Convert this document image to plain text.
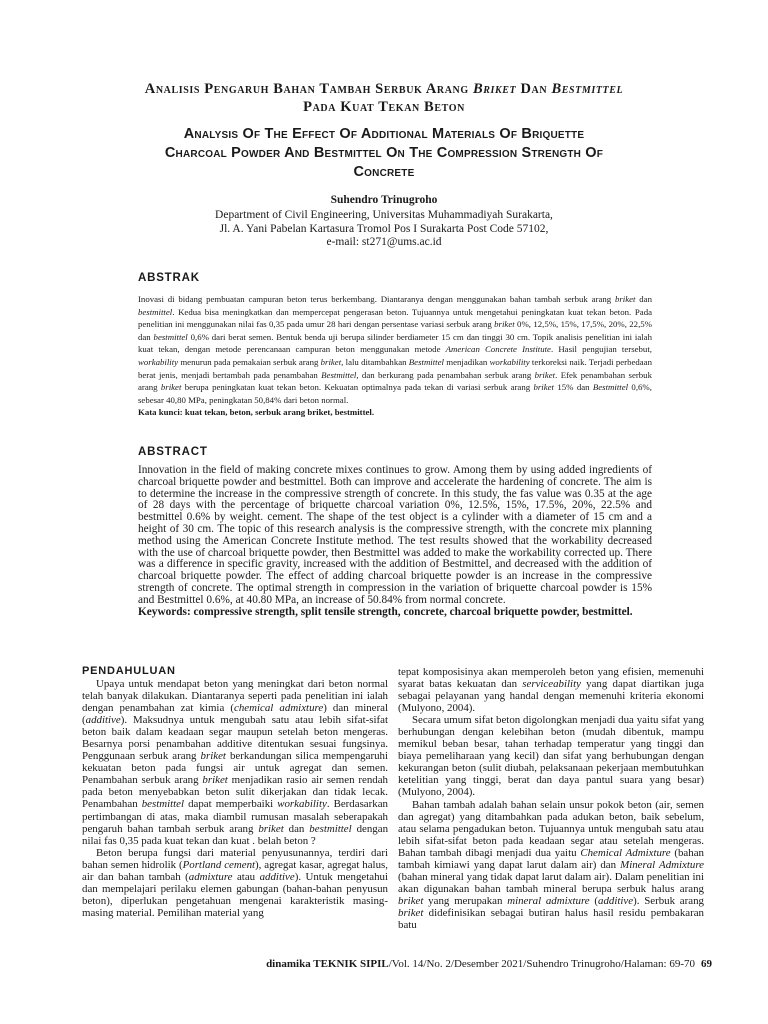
Analisis Pengaruh Bahan Tambah Serbuk Arang Briket Dan Bestmittel
Pada Kuat Tekan Beton
Analysis Of The Effect Of Additional Materials Of Briquette
Charcoal Powder And Bestmittel On The Compression Strength Of
Concrete
Suhendro Trinugroho
Department of Civil Engineering, Universitas Muhammadiyah Surakarta,
Jl. A. Yani Pabelan Kartasura Tromol Pos I Surakarta Post Code 57102,
e-mail: st271@ums.ac.id
ABSTRAK
Inovasi di bidang pembuatan campuran beton terus berkembang. Diantaranya dengan menggunakan bahan tambah serbuk arang briket dan bestmittel. Kedua bisa meningkatkan dan mempercepat pengerasan beton. Tujuannya untuk mengetahui peningkatan kuat tekan beton. Pada penelitian ini menggunakan nilai fas 0,35 pada umur 28 hari dengan persentase variasi serbuk arang briket 0%, 12,5%, 15%, 17,5%, 20%, 22,5% dan bestmittel 0,6% dari berat semen. Bentuk benda uji berupa silinder berdiameter 15 cm dan tinggi 30 cm. Topik analisis penelitian ini ialah kuat tekan, dengan metode perencanaan campuran beton menggunakan metode American Concrete Institute. Hasil pengujian tersebut, workability menurun pada pemakaian serbuk arang briket, lalu ditambahkan Bestmittel menjadikan workability terkoreksi naik. Terjadi perbedaan berat jenis, menjadi bertambah pada penambahan Bestmittel, dan berkurang pada penambahan serbuk arang briket. Efek penambahan serbuk arang briket berupa peningkatan kuat tekan beton. Kekuatan optimalnya pada tekan di variasi serbuk arang briket 15% dan Bestmittel 0,6%, sebesar 40,80 MPa, peningkatan 50,84% dari beton normal.
Kata kunci: kuat tekan, beton, serbuk arang briket, bestmittel.
ABSTRACT
Innovation in the field of making concrete mixes continues to grow. Among them by using added ingredients of charcoal briquette powder and bestmittel. Both can improve and accelerate the hardening of concrete. The aim is to determine the increase in the compressive strength of concrete. In this study, the fas value was 0.35 at the age of 28 days with the percentage of briquette charcoal variation 0%, 12.5%, 15%, 17.5%, 20%, 22.5% and bestmittel 0.6% by weight. cement. The shape of the test object is a cylinder with a diameter of 15 cm and a height of 30 cm. The topic of this research analysis is the compressive strength, with the concrete mix planning method using the American Concrete Institute method. The test results showed that the workability decreased with the use of charcoal briquette powder, then Bestmittel was added to make the workability corrected up. There was a difference in specific gravity, increased with the addition of Bestmittel, and decreased with the addition of charcoal briquette powder. The effect of adding charcoal briquette powder is an increase in the compressive strength of concrete. The optimal strength in compression in the variation of briquette charcoal powder is 15% and Bestmittel 0.6%, at 40.80 MPa, an increase of 50.84% from normal concrete.
Keywords: compressive strength, split tensile strength, concrete, charcoal briquette powder, bestmittel.
PENDAHULUAN

Upaya untuk mendapat beton yang meningkat dari beton normal telah banyak dilakukan. Diantaranya seperti pada penelitian ini ialah dengan penambahan zat kimia (chemical admixture) dan mineral (additive). Maksudnya untuk mengubah satu atau lebih sifat-sifat beton baik dalam keadaan segar maupun setelah beton mengeras. Besarnya porsi penambahan additive ditentukan sesuai fungsinya. Penggunaan serbuk arang briket berkandungan silica mempengaruhi kekuatan beton pada fungsi air untuk agregat dan semen. Penambahan serbuk arang briket menjadikan rasio air semen rendah pada beton menyebabkan beton sulit dikerjakan dan tidak lecak. Penambahan bestmittel dapat memperbaiki workability. Berdasarkan pertimbangan di atas, maka diambil rumusan masalah seberapakah pengaruh bahan tambah serbuk arang briket dan bestmittel dengan nilai fas 0,35 pada kuat tekan dan kuat . belah beton ?

Beton berupa fungsi dari material penyusunannya, terdiri dari bahan semen hidrolik (Portland cement), agregat kasar, agregat halus, air dan bahan tambah (admixture atau additive). Untuk mengetahui dan mempelajari perilaku elemen gabungan (bahan-bahan penyusun beton), diperlukan pengetahuan mengenai karakteristik masing-masing material. Pemilihan material yang

tepat komposisinya akan memperoleh beton yang efisien, memenuhi syarat batas kekuatan dan serviceability yang dapat diartikan juga sebagai pelayanan yang handal dengan memenuhi kriteria ekonomi (Mulyono, 2004).

Secara umum sifat beton digolongkan menjadi dua yaitu sifat yang berhubungan dengan kelebihan beton (mudah dibentuk, mampu memikul beban besar, tahan terhadap temperatur yang tinggi dan biaya pemeliharaan yang kecil) dan sifat yang berhubungan dengan kekurangan beton (sulit diubah, pelaksanaan pekerjaan membutuhkan ketelitian yang tinggi, berat dan daya pantul suara yang besar) (Mulyono, 2004).

Bahan tambah adalah bahan selain unsur pokok beton (air, semen dan agregat) yang ditambahkan pada adukan beton, baik sebelum, atau selama pengadukan beton. Tujuannya untuk mengubah satu atau lebih sifat-sifat beton pada keadaan segar atau setelah mengeras. Bahan tambah dibagi menjadi dua yaitu Chemical Admixture (bahan tambah kimiawi yang dapat larut dalam air) dan Mineral Admixture (bahan mineral yang tidak dapat larut dalam air). Dalam penelitian ini akan digunakan bahan tambah mineral berupa serbuk halus arang briket yang merupakan mineral admixture (additive). Serbuk arang briket didefinisikan sebagai butiran halus hasil residu pembakaran batu

dinamika TEKNIK SIPIL/Vol. 14/No. 2/Desember 2021/Suhendro Trinugroho/Halaman: 69-70 69
